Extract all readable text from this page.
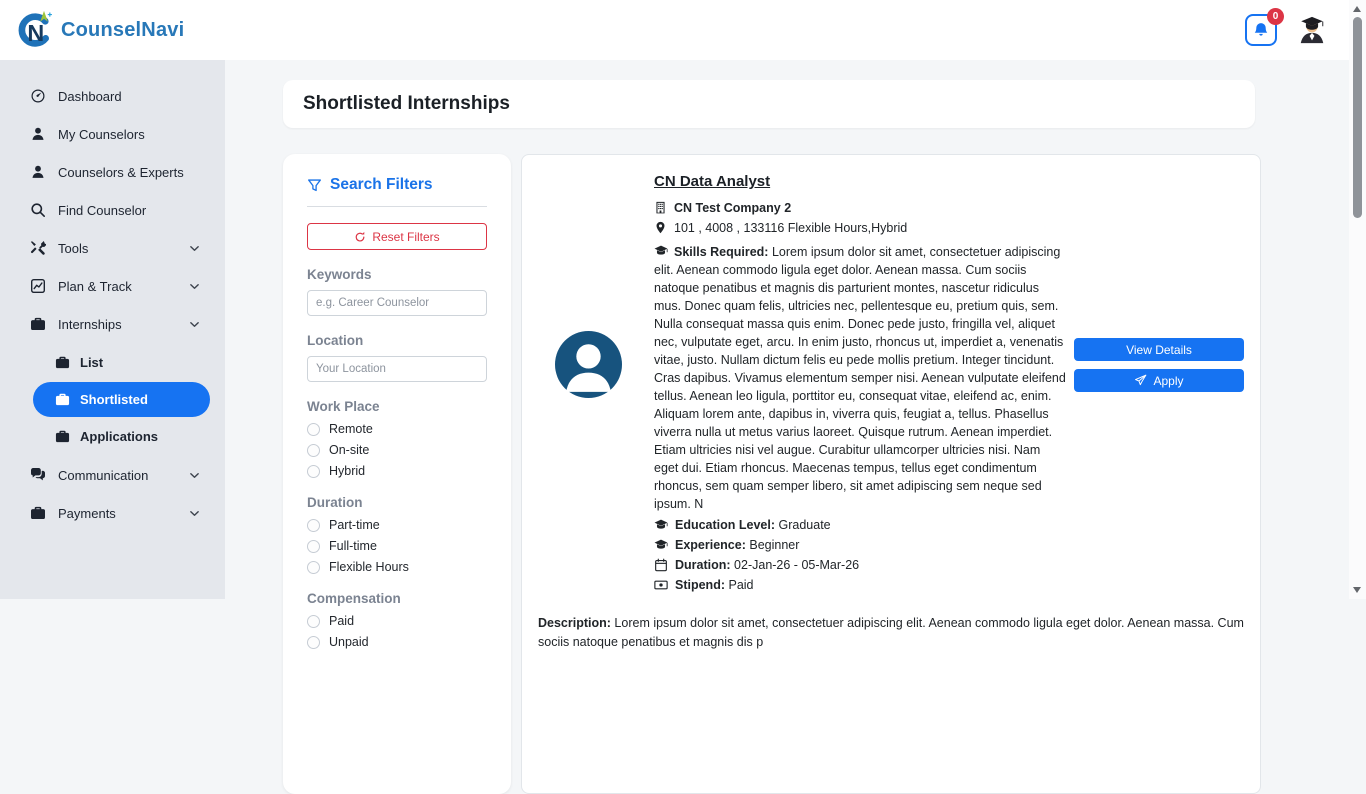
CounselNavi
0
Dashboard
My Counselors
Counselors & Experts
Find Counselor
Tools
Plan & Track
Internships
List
Shortlisted
Applications
Communication
Payments
Shortlisted Internships
Search Filters
Reset Filters
Keywords
e.g. Career Counselor
Location
Your Location
Work Place
Remote
On-site
Hybrid
Duration
Part-time
Full-time
Flexible Hours
Compensation
Paid
Unpaid
CN Data Analyst
CN Test Company 2
101 , 4008 , 133116 Flexible Hours,Hybrid
Skills Required: Lorem ipsum dolor sit amet, consectetuer adipiscing elit. Aenean commodo ligula eget dolor. Aenean massa. Cum sociis natoque penatibus et magnis dis parturient montes, nascetur ridiculus mus. Donec quam felis, ultricies nec, pellentesque eu, pretium quis, sem. Nulla consequat massa quis enim. Donec pede justo, fringilla vel, aliquet nec, vulputate eget, arcu. In enim justo, rhoncus ut, imperdiet a, venenatis vitae, justo. Nullam dictum felis eu pede mollis pretium. Integer tincidunt. Cras dapibus. Vivamus elementum semper nisi. Aenean vulputate eleifend tellus. Aenean leo ligula, porttitor eu, consequat vitae, eleifend ac, enim. Aliquam lorem ante, dapibus in, viverra quis, feugiat a, tellus. Phasellus viverra nulla ut metus varius laoreet. Quisque rutrum. Aenean imperdiet. Etiam ultricies nisi vel augue. Curabitur ullamcorper ultricies nisi. Nam eget dui. Etiam rhoncus. Maecenas tempus, tellus eget condimentum rhoncus, sem quam semper libero, sit amet adipiscing sem neque sed ipsum. N
Education Level: Graduate
Experience: Beginner
Duration: 02-Jan-26 - 05-Mar-26
Stipend: Paid
View Details
Apply
Description: Lorem ipsum dolor sit amet, consectetuer adipiscing elit. Aenean commodo ligula eget dolor. Aenean massa. Cum sociis natoque penatibus et magnis dis p
